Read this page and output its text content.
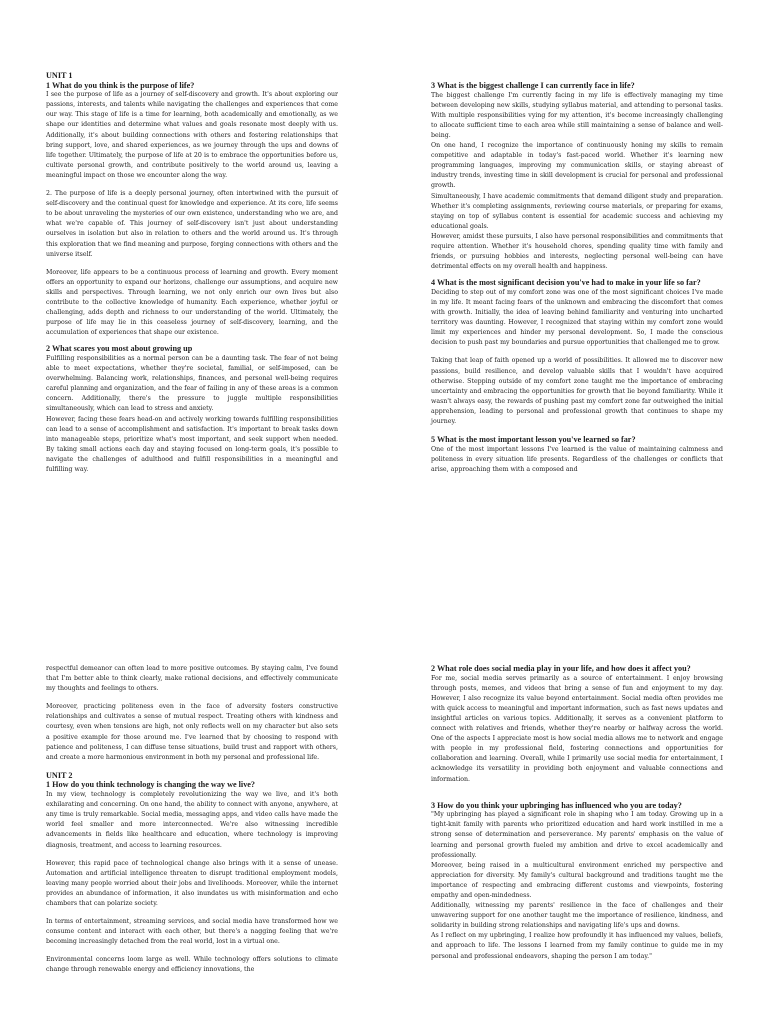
UNIT 1
1 What do you think is the purpose of life?

I see the purpose of life as a journey of self-discovery and growth. It's about exploring our passions, interests, and talents while navigating the challenges and experiences that come our way. This stage of life is a time for learning, both academically and emotionally, as we shape our identities and determine what values and goals resonate most deeply with us. Additionally, it's about building connections with others and fostering relationships that bring support, love, and shared experiences, as we journey through the ups and downs of life together. Ultimately, the purpose of life at 20 is to embrace the opportunities before us, cultivate personal growth, and contribute positively to the world around us, leaving a meaningful impact on those we encounter along the way.

2. The purpose of life is a deeply personal journey, often intertwined with the pursuit of self-discovery and the continual quest for knowledge and experience. At its core, life seems to be about unraveling the mysteries of our own existence, understanding who we are, and what we're capable of. This journey of self-discovery isn't just about understanding ourselves in isolation but also in relation to others and the world around us. It's through this exploration that we find meaning and purpose, forging connections with others and the universe itself.

Moreover, life appears to be a continuous process of learning and growth. Every moment offers an opportunity to expand our horizons, challenge our assumptions, and acquire new skills and perspectives. Through learning, we not only enrich our own lives but also contribute to the collective knowledge of humanity. Each experience, whether joyful or challenging, adds depth and richness to our understanding of the world. Ultimately, the purpose of life may lie in this ceaseless journey of self-discovery, learning, and the accumulation of experiences that shape our existence.

2 What scares you most about growing up

Fulfilling responsibilities as a normal person can be a daunting task. The fear of not being able to meet expectations, whether they're societal, familial, or self-imposed, can be overwhelming. Balancing work, relationships, finances, and personal well-being requires careful planning and organization, and the fear of failing in any of these areas is a common concern. Additionally, there's the pressure to juggle multiple responsibilities simultaneously, which can lead to stress and anxiety.

However, facing these fears head-on and actively working towards fulfilling responsibilities can lead to a sense of accomplishment and satisfaction. It's important to break tasks down into manageable steps, prioritize what's most important, and seek support when needed. By taking small actions each day and staying focused on long-term goals, it's possible to navigate the challenges of adulthood and fulfill responsibilities in a meaningful and fulfilling way.

3 What is the biggest challenge I can currently face in life?

The biggest challenge I'm currently facing in my life is effectively managing my time between developing new skills, studying syllabus material, and attending to personal tasks. With multiple responsibilities vying for my attention, it's become increasingly challenging to allocate sufficient time to each area while still maintaining a sense of balance and well-being.

On one hand, I recognize the importance of continuously honing my skills to remain competitive and adaptable in today's fast-paced world. Whether it's learning new programming languages, improving my communication skills, or staying abreast of industry trends, investing time in skill development is crucial for personal and professional growth.

Simultaneously, I have academic commitments that demand diligent study and preparation. Whether it's completing assignments, reviewing course materials, or preparing for exams, staying on top of syllabus content is essential for academic success and achieving my educational goals.

However, amidst these pursuits, I also have personal responsibilities and commitments that require attention. Whether it's household chores, spending quality time with family and friends, or pursuing hobbies and interests, neglecting personal well-being can have detrimental effects on my overall health and happiness.

4 What is the most significant decision you've had to make in your life so far?

Deciding to step out of my comfort zone was one of the most significant choices I've made in my life. It meant facing fears of the unknown and embracing the discomfort that comes with growth. Initially, the idea of leaving behind familiarity and venturing into uncharted territory was daunting. However, I recognized that staying within my comfort zone would limit my experiences and hinder my personal development. So, I made the conscious decision to push past my boundaries and pursue opportunities that challenged me to grow.

Taking that leap of faith opened up a world of possibilities. It allowed me to discover new passions, build resilience, and develop valuable skills that I wouldn't have acquired otherwise. Stepping outside of my comfort zone taught me the importance of embracing uncertainty and embracing the opportunities for growth that lie beyond familiarity. While it wasn't always easy, the rewards of pushing past my comfort zone far outweighed the initial apprehension, leading to personal and professional growth that continues to shape my journey.

5 What is the most important lesson you've learned so far?

One of the most important lessons I've learned is the value of maintaining calmness and politeness in every situation life presents. Regardless of the challenges or conflicts that arise, approaching them with a composed and

respectful demeanor can often lead to more positive outcomes. By staying calm, I've found that I'm better able to think clearly, make rational decisions, and effectively communicate my thoughts and feelings to others.

Moreover, practicing politeness even in the face of adversity fosters constructive relationships and cultivates a sense of mutual respect. Treating others with kindness and courtesy, even when tensions are high, not only reflects well on my character but also sets a positive example for those around me. I've learned that by choosing to respond with patience and politeness, I can diffuse tense situations, build trust and rapport with others, and create a more harmonious environment in both my personal and professional life.

UNIT 2
1 How do you think technology is changing the way we live?

In my view, technology is completely revolutionizing the way we live, and it's both exhilarating and concerning. On one hand, the ability to connect with anyone, anywhere, at any time is truly remarkable. Social media, messaging apps, and video calls have made the world feel smaller and more interconnected. We're also witnessing incredible advancements in fields like healthcare and education, where technology is improving diagnosis, treatment, and access to learning resources.

However, this rapid pace of technological change also brings with it a sense of unease. Automation and artificial intelligence threaten to disrupt traditional employment models, leaving many people worried about their jobs and livelihoods. Moreover, while the internet provides an abundance of information, it also inundates us with misinformation and echo chambers that can polarize society.

In terms of entertainment, streaming services, and social media have transformed how we consume content and interact with each other, but there's a nagging feeling that we're becoming increasingly detached from the real world, lost in a virtual one.

Environmental concerns loom large as well. While technology offers solutions to climate change through renewable energy and efficiency innovations, the

2 What role does social media play in your life, and how does it affect you?

For me, social media serves primarily as a source of entertainment. I enjoy browsing through posts, memes, and videos that bring a sense of fun and enjoyment to my day. However, I also recognize its value beyond entertainment. Social media often provides me with quick access to meaningful and important information, such as fast news updates and insightful articles on various topics. Additionally, it serves as a convenient platform to connect with relatives and friends, whether they're nearby or halfway across the world. One of the aspects I appreciate most is how social media allows me to network and engage with people in my professional field, fostering connections and opportunities for collaboration and learning. Overall, while I primarily use social media for entertainment, I acknowledge its versatility in providing both enjoyment and valuable connections and information.

3 How do you think your upbringing has influenced who you are today?

"My upbringing has played a significant role in shaping who I am today. Growing up in a tight-knit family with parents who prioritized education and hard work instilled in me a strong sense of determination and perseverance. My parents' emphasis on the value of learning and personal growth fueled my ambition and drive to excel academically and professionally.

Moreover, being raised in a multicultural environment enriched my perspective and appreciation for diversity. My family's cultural background and traditions taught me the importance of respecting and embracing different customs and viewpoints, fostering empathy and open-mindedness.

Additionally, witnessing my parents' resilience in the face of challenges and their unwavering support for one another taught me the importance of resilience, kindness, and solidarity in building strong relationships and navigating life's ups and downs.

As I reflect on my upbringing, I realize how profoundly it has influenced my values, beliefs, and approach to life. The lessons I learned from my family continue to guide me in my personal and professional endeavors, shaping the person I am today."
